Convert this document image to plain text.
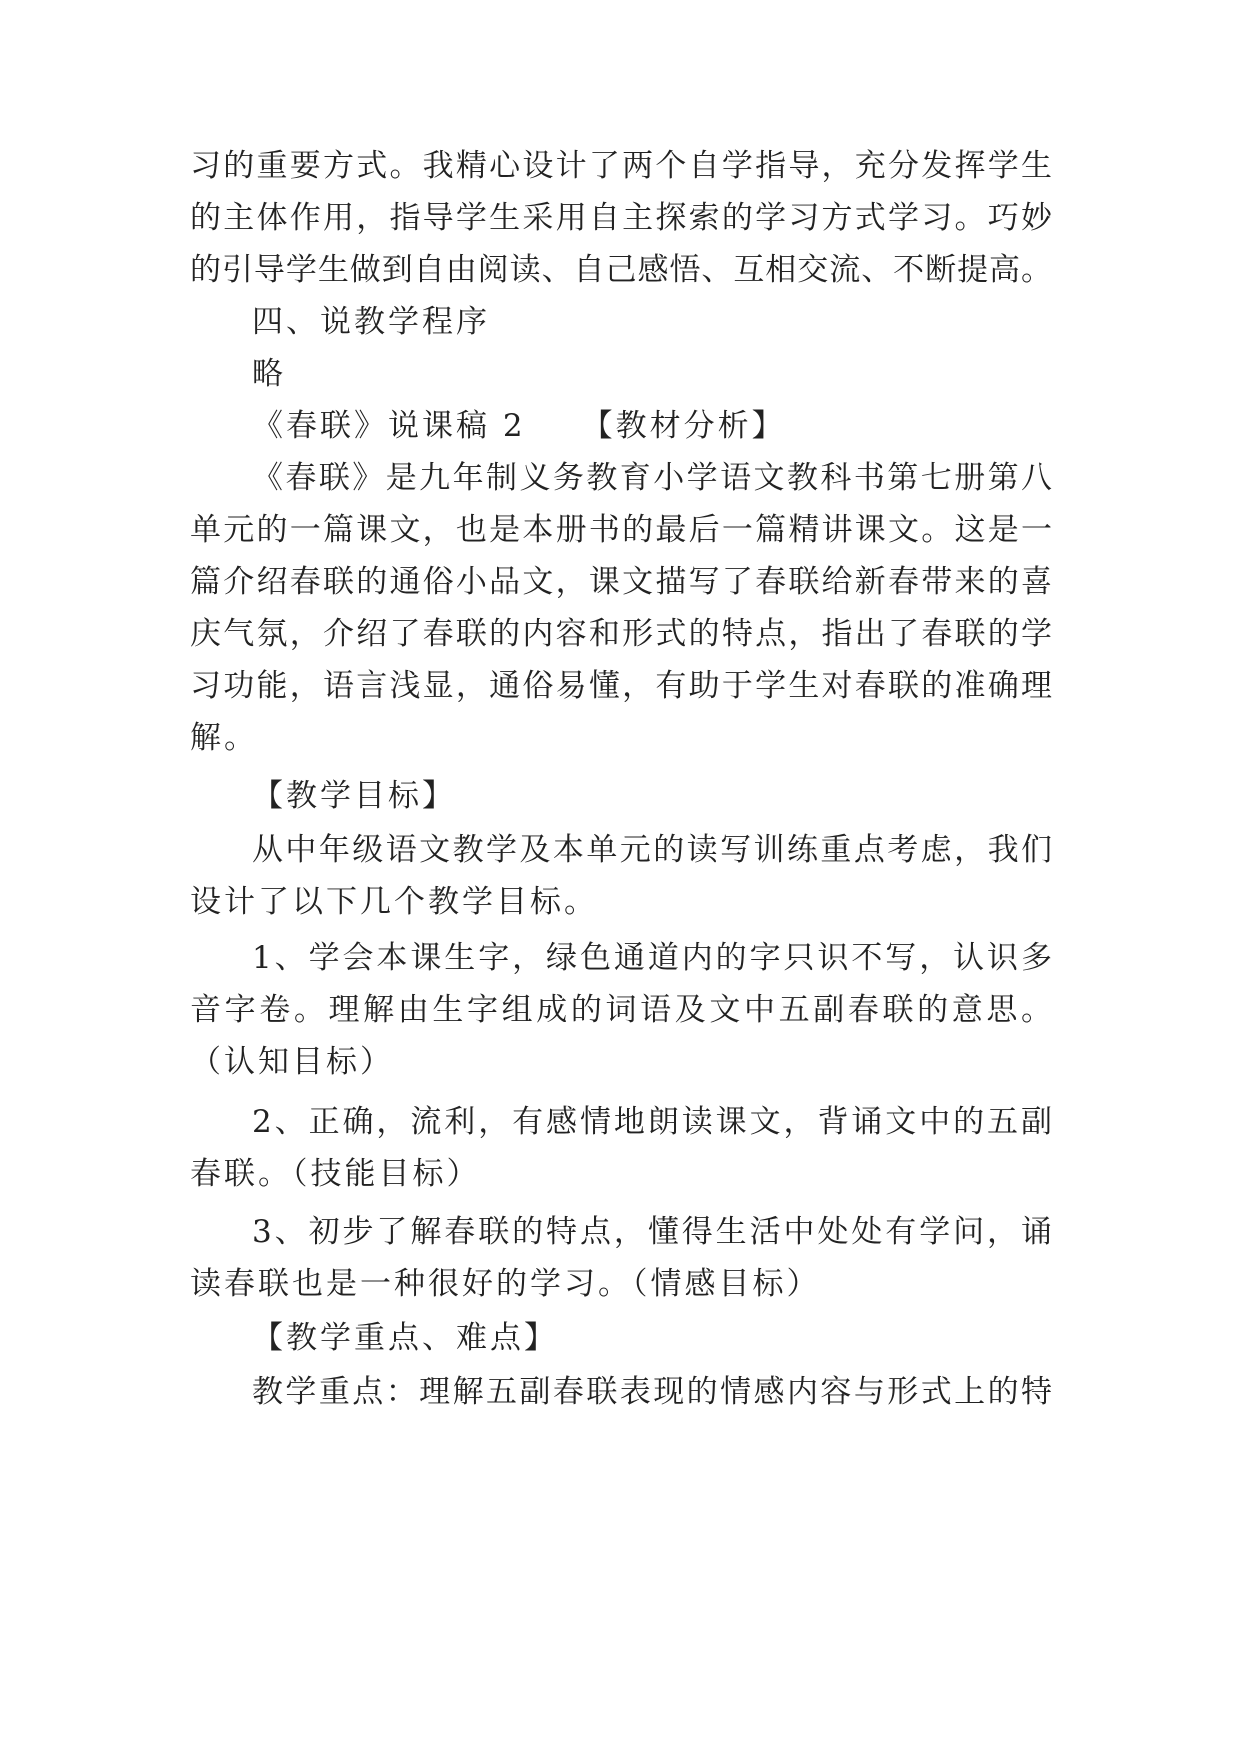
习的重要方式。我精心设计了两个自学指导，充分发挥学生
的主体作用，指导学生采用自主探索的学习方式学习。巧妙
的引导学生做到自由阅读、自己感悟、互相交流、不断提高。
四、说教学程序
略
《春联》说课稿 2 【教材分析】
《春联》是九年制义务教育小学语文教科书第七册第八
单元的一篇课文，也是本册书的最后一篇精讲课文。这是一
篇介绍春联的通俗小品文，课文描写了春联给新春带来的喜
庆气氛，介绍了春联的内容和形式的特点，指出了春联的学
习功能，语言浅显，通俗易懂，有助于学生对春联的准确理
解。
【教学目标】
从中年级语文教学及本单元的读写训练重点考虑，我们
设计了以下几个教学目标。
1、学会本课生字，绿色通道内的字只识不写，认识多
音字卷。理解由生字组成的词语及文中五副春联的意思。
（认知目标）
2、正确，流利，有感情地朗读课文，背诵文中的五副
春联。（技能目标）
3、初步了解春联的特点，懂得生活中处处有学问，诵
读春联也是一种很好的学习。（情感目标）
【教学重点、难点】
教学重点：理解五副春联表现的情感内容与形式上的特
